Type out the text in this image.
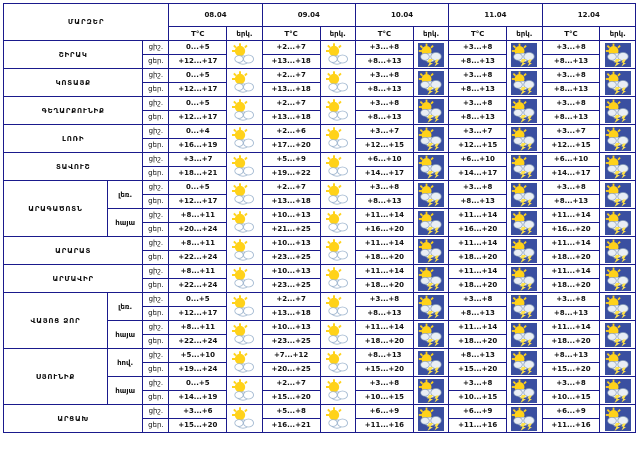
ՄԱՐԶԵՐ			08.04		09.04		10.04		11.04		12.04	
			T°C	երկ.	T°C	երկ.	T°C	երկ.	T°C	երկ.	T°C	երկ.
ՇԻՐԱԿ		ցիշ.	0...+5		+2...+7		+3...+8		+3...+8		+3...+8	

		ցեր.	+12...+17		+13...+18		+8...+13		+8...+13		+8...+13	
ԿՈՏԱՅՔ		ցիշ.	0...+5		+2...+7		+3...+8		+3...+8		+3...+8	

		ցեր.	+12...+17		+13...+18		+8...+13		+8...+13		+8...+13	
ԳԵՂԱՐՔՈՒՆԻՔ		ցիշ.	0...+5		+2...+7		+3...+8		+3...+8		+3...+8	

		ցեր.	+12...+17		+13...+18		+8...+13		+8...+13		+8...+13	
ԼՈՌԻ		ցիշ.	0...+4		+2...+6		+3...+7		+3...+7		+3...+7	

		ցեր.	+16...+19		+17...+20		+12...+15		+12...+15		+12...+15	
ՏԱՎՈՒՇ		ցիշ.	+3...+7		+5...+9		+6...+10		+6...+10		+6...+10	

		ցեր.	+18...+21		+19...+22		+14...+17		+14...+17		+14...+17	
ԱՐԱԳԱԾՈՏՆ	լեռ.	ցիշ.	0...+5		+2...+7		+3...+8		+3...+8		+3...+8	

		ցեր.	+12...+17		+13...+18		+8...+13		+8...+13		+8...+13	
	հայա	ցիշ.	+8...+11		+10...+13		+11...+14		+11...+14		+11...+14	

		ցեր.	+20...+24		+21...+25		+16...+20		+16...+20		+16...+20	
ԱՐԱՐԱՏ		ցիշ.	+8...+11		+10...+13		+11...+14		+11...+14		+11...+14	

		ցեր.	+22...+24		+23...+25		+18...+20		+18...+20		+18...+20	
ԱՐՄԱՎԻՐ		ցիշ.	+8...+11		+10...+13		+11...+14		+11...+14		+11...+14	

		ցեր.	+22...+24		+23...+25		+18...+20		+18...+20		+18...+20	
ՎԱՅՈՑ ՁՈՐ	լեռ.	ցիշ.	0...+5		+2...+7		+3...+8		+3...+8		+3...+8	

		ցեր.	+12...+17		+13...+18		+8...+13		+8...+13		+8...+13	
	հայա	ցիշ.	+8...+11		+10...+13		+11...+14		+11...+14		+11...+14	

		ցեր.	+22...+24		+23...+25		+18...+20		+18...+20		+18...+20	
ՍՅՈՒՆԻՔ	հով.	ցիշ.	+5...+10		+7...+12		+8...+13		+8...+13		+8...+13	

		ցեր.	+19...+24		+20...+25		+15...+20		+15...+20		+15...+20	
	հայա	ցիշ.	0...+5		+2...+7		+3...+8		+3...+8		+3...+8	

		ցեր.	+14...+19		+15...+20		+10...+15		+10...+15		+10...+15	
ԱՐՑԱԽ		ցիշ.	+3...+6		+5...+8		+6...+9		+6...+9		+6...+9	

		ցեր.	+15...+20		+16...+21		+11...+16		+11...+16		+11...+16	
